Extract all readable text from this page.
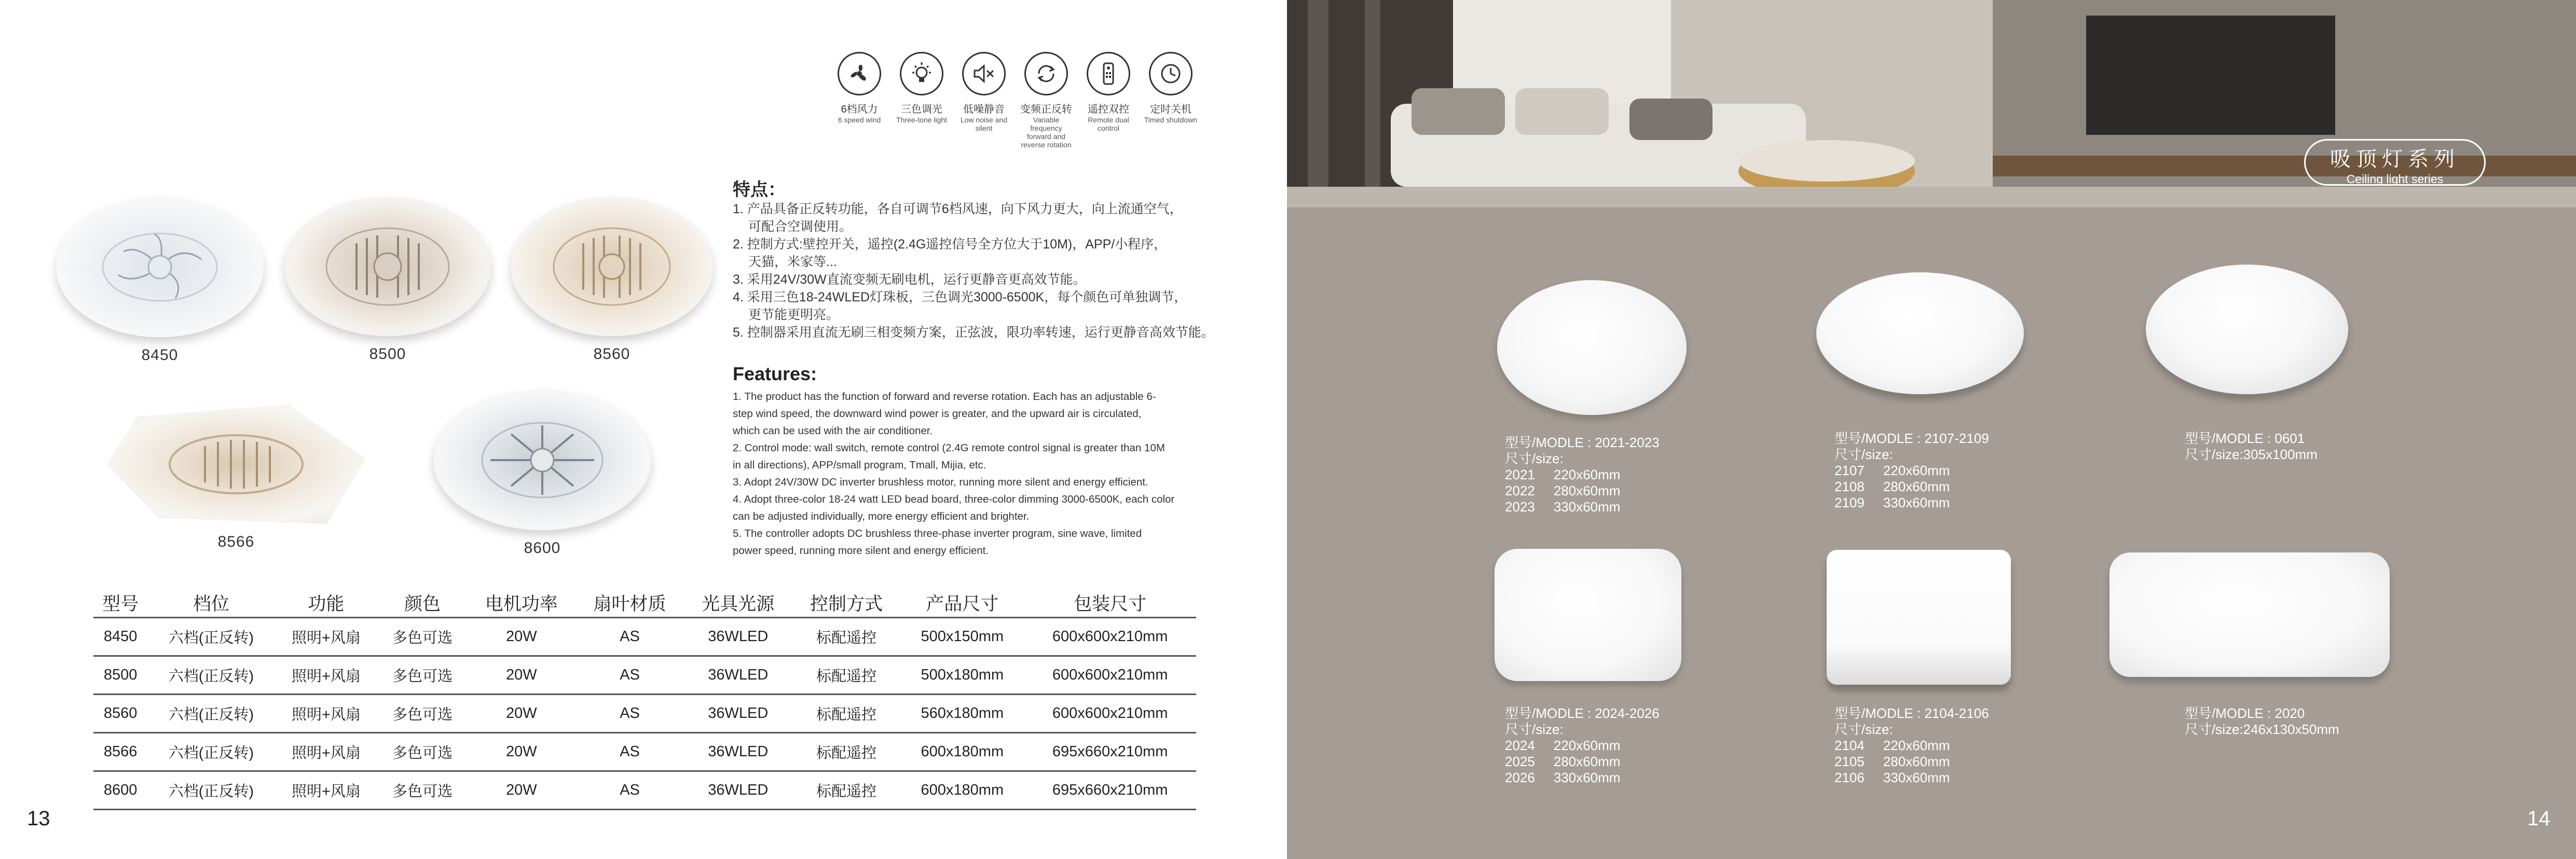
6档风力
6 speed wind
三色调光
Three-tone light
低噪静音
Low noise and silent
变频正反转
Variable frequency forward and reverse rotation
遥控双控
Remote dual control
定时关机
Timed shutdown
8450	8500	8560
8566	8600
特点：

1. 产品具备正反转功能，各自可调节6档风速，向下风力更大，向上流通空气，

可配合空调使用。

2. 控制方式:壁控开关，遥控(2.4G遥控信号全方位大于10M)，APP/小程序，

天猫，米家等...

3. 采用24V/30W直流变频无刷电机，运行更静音更高效节能。

4. 采用三色18-24WLED灯珠板，三色调光3000-6500K，每个颜色可单独调节，

更节能更明亮。

5. 控制器采用直流无刷三相变频方案，正弦波，限功率转速，运行更静音高效节能。

Features:

1. The product has the function of forward and reverse rotation. Each has an adjustable 6-

step wind speed, the downward wind power is greater, and the upward air is circulated,

which can be used with the air conditioner.

2. Control mode: wall switch, remote control (2.4G remote control signal is greater than 10M

in all directions), APP/small program, Tmall, Mijia, etc.

3. Adopt 24V/30W DC inverter brushless motor, running more silent and energy efficient.

4. Adopt three-color 18-24 watt LED bead board, three-color dimming 3000-6500K, each color

can be adjusted individually, more energy efficient and brighter.

5. The controller adopts DC brushless three-phase inverter program, sine wave, limited

power speed, running more silent and energy efficient.

型号	档位	功能	颜色	电机功率	扇叶材质	光具光源	控制方式	产品尺寸	包装尺寸
8450	六档(正反转)	照明+风扇	多色可选	20W	AS	36WLED	标配遥控	500x150mm	600x600x210mm
8500	六档(正反转)	照明+风扇	多色可选	20W	AS	36WLED	标配遥控	500x180mm	600x600x210mm
8560	六档(正反转)	照明+风扇	多色可选	20W	AS	36WLED	标配遥控	560x180mm	600x600x210mm
8566	六档(正反转)	照明+风扇	多色可选	20W	AS	36WLED	标配遥控	600x180mm	695x660x210mm
8600	六档(正反转)	照明+风扇	多色可选	20W	AS	36WLED	标配遥控	600x180mm	695x660x210mm
13
吸顶灯系列
Ceiling light series
型号/MODLE : 2021-2023
尺寸/size:
2021 220x60mm
2022 280x60mm
2023 330x60mm
型号/MODLE : 2107-2109
尺寸/size:
2107 220x60mm
2108 280x60mm
2109 330x60mm
型号/MODLE : 0601
尺寸/size:305x100mm
型号/MODLE : 2024-2026
尺寸/size:
2024 220x60mm
2025 280x60mm
2026 330x60mm
型号/MODLE : 2104-2106
尺寸/size:
2104 220x60mm
2105 280x60mm
2106 330x60mm
型号/MODLE : 2020
尺寸/size:246x130x50mm
14
